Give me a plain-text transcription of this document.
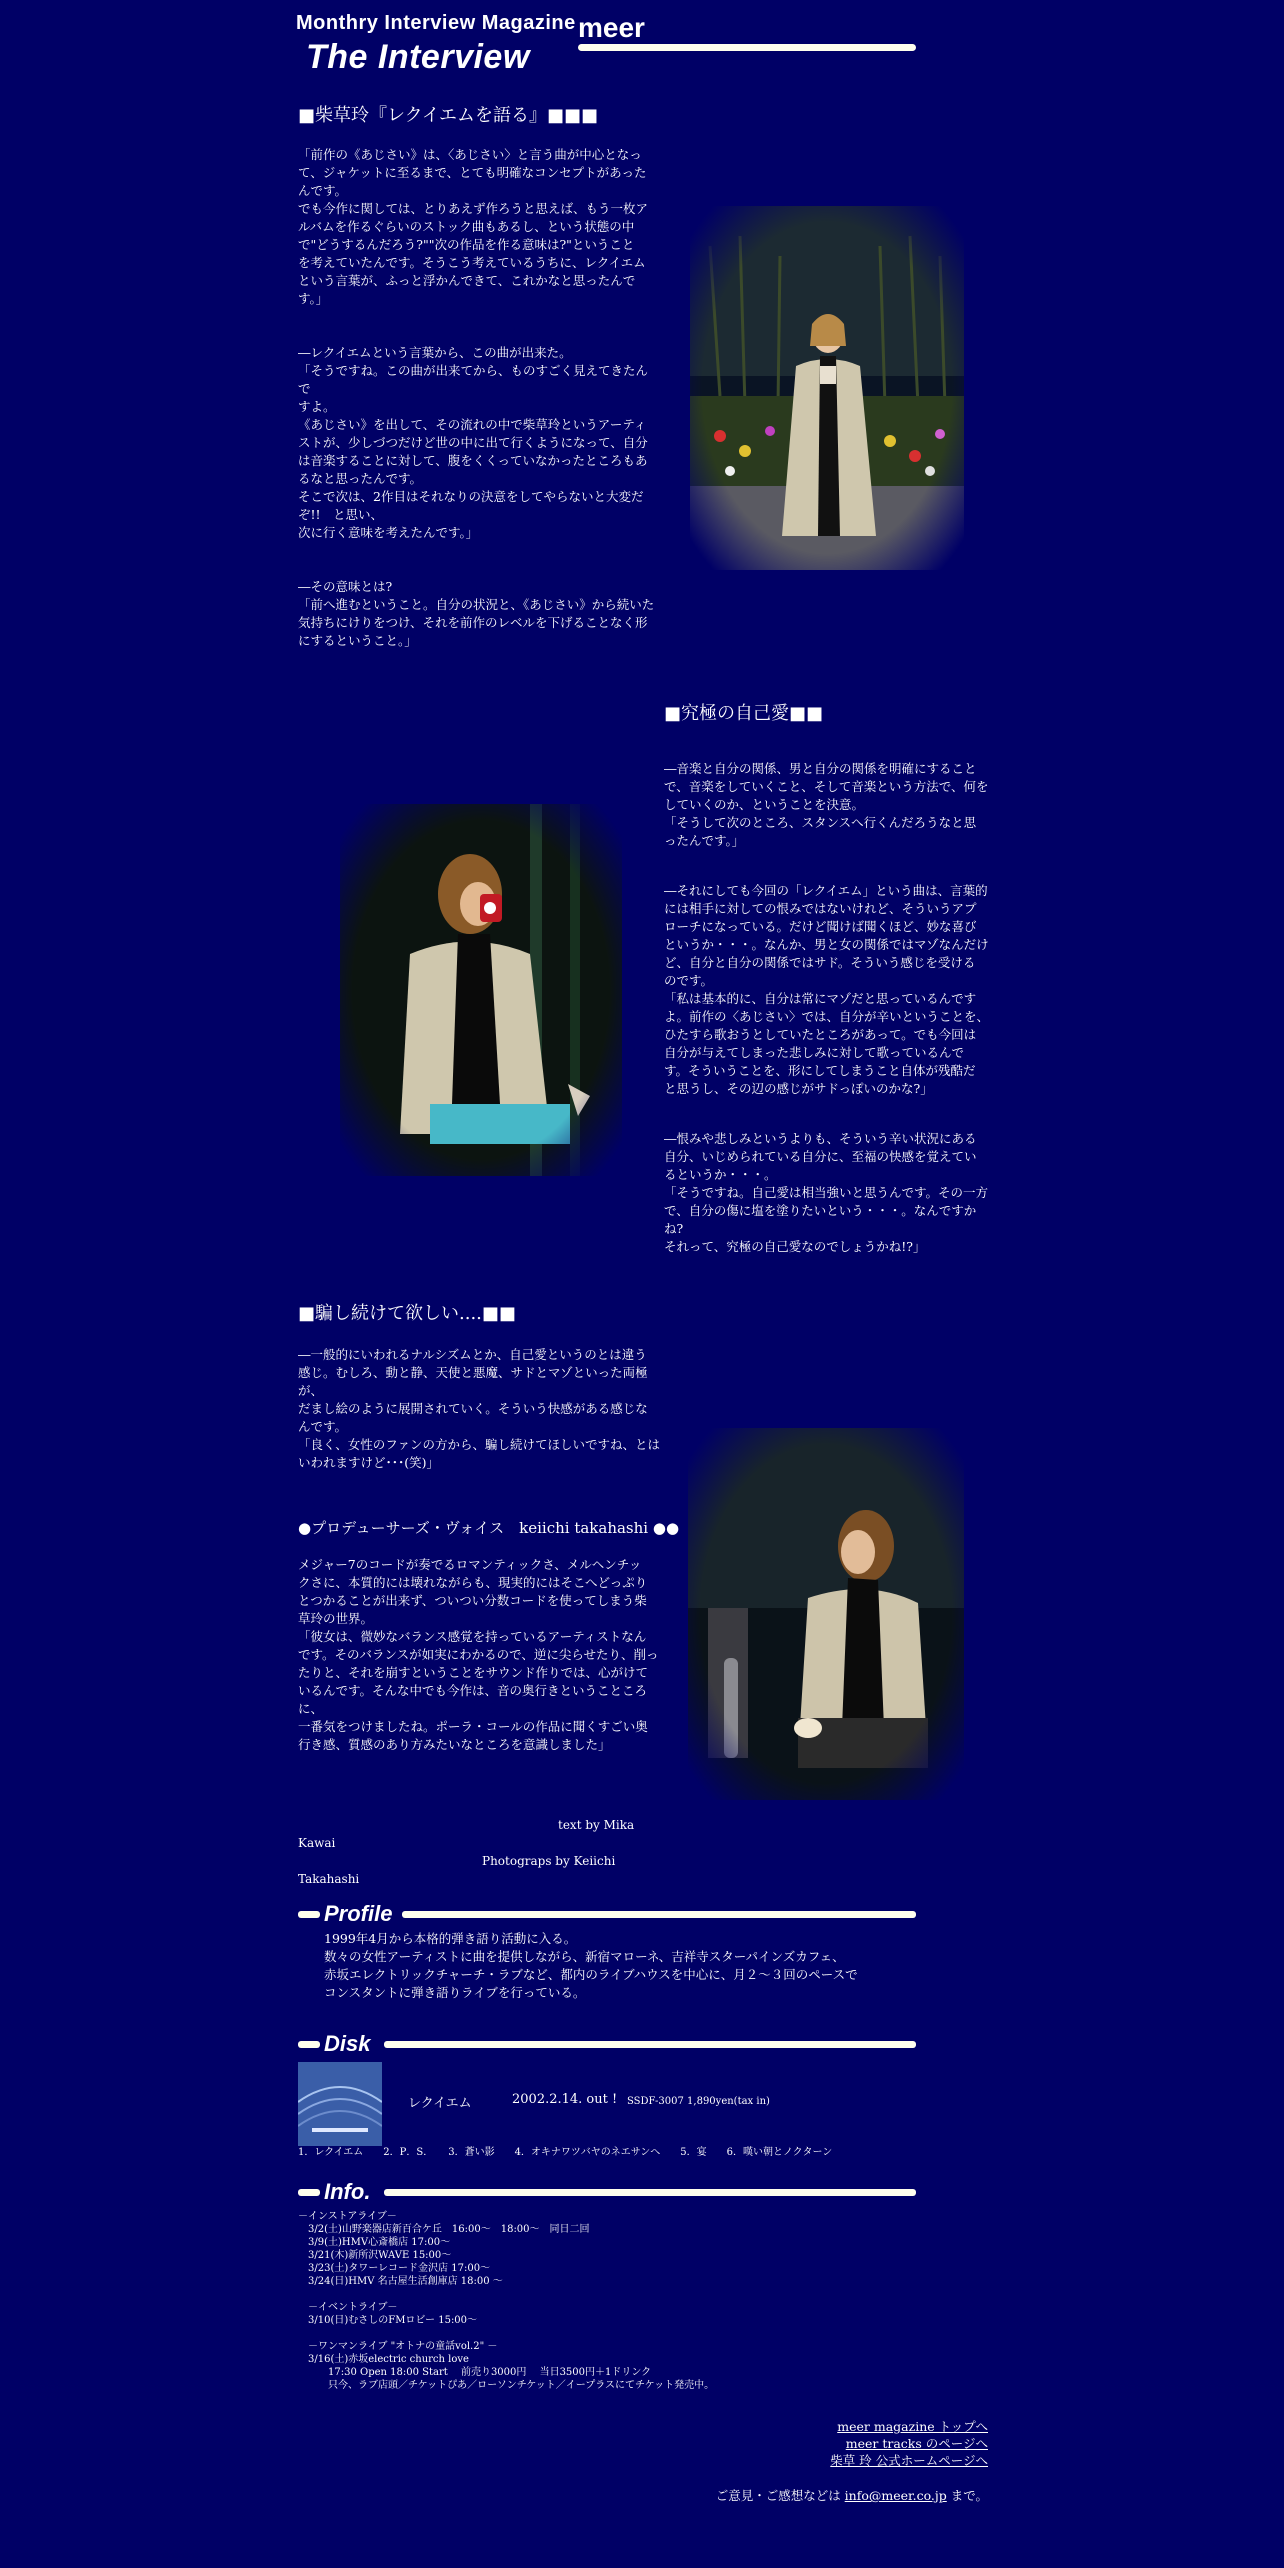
Monthry Interview Magazine
The Interview
meer
■柴草玲『レクイエムを語る』■■■

「前作の《あじさい》は、〈あじさい〉と言う曲が中心となっ
て、ジャケットに至るまで、とても明確なコンセプトがあった
んです。
でも今作に関しては、とりあえず作ろうと思えば、もう一枚ア
ルバムを作るぐらいのストック曲もあるし、という状態の中
で"どうするんだろう?""次の作品を作る意味は?"ということ
を考えていたんです。そうこう考えているうちに、レクイエム
という言葉が、ふっと浮かんできて、これかなと思ったんで
す。」

―レクイエムという言葉から、この曲が出来た。
「そうですね。この曲が出来てから、ものすごく見えてきたんで
すよ。
《あじさい》を出して、その流れの中で柴草玲というアーティ
ストが、少しづつだけど世の中に出て行くようになって、自分
は音楽することに対して、腹をくくっていなかったところもあ
るなと思ったんです。
そこで次は、2作目はそれなりの決意をしてやらないと大変だ
ぞ!!　と思い、
次に行く意味を考えたんです。」

―その意味とは?
「前へ進むということ。自分の状況と、《あじさい》から続いた
気持ちにけりをつけ、それを前作のレベルを下げることなく形
にするということ。」

■究極の自己愛■■

―音楽と自分の関係、男と自分の関係を明確にすること
で、音楽をしていくこと、そして音楽という方法で、何を
していくのか、ということを決意。
「そうして次のところ、スタンスへ行くんだろうなと思
ったんです。」

―それにしても今回の「レクイエム」という曲は、言葉的
には相手に対しての恨みではないけれど、そういうアプ
ローチになっている。だけど聞けば聞くほど、妙な喜び
というか・・・。なんか、男と女の関係ではマゾなんだけ
ど、自分と自分の関係ではサド。そういう感じを受ける
のです。
「私は基本的に、自分は常にマゾだと思っているんです
よ。前作の〈あじさい〉では、自分が辛いということを、
ひたすら歌おうとしていたところがあって。でも今回は
自分が与えてしまった悲しみに対して歌っているんで
す。そういうことを、形にしてしまうこと自体が残酷だ
と思うし、その辺の感じがサドっぽいのかな?」

―恨みや悲しみというよりも、そういう辛い状況にある
自分、いじめられている自分に、至福の快感を覚えてい
るというか・・・。
「そうですね。自己愛は相当強いと思うんです。その一方
で、自分の傷に塩を塗りたいという・・・。なんですかね?
それって、究極の自己愛なのでしょうかね!?」

■騙し続けて欲しい....■■

―一般的にいわれるナルシズムとか、自己愛というのとは違う
感じ。むしろ、動と静、天使と悪魔、サドとマゾといった両極が、
だまし絵のように展開されていく。そういう快感がある感じな
んです。
「良く、女性のファンの方から、騙し続けてほしいですね、とは
いわれますけど･･･(笑)」

●プロデューサーズ・ヴォイス　keiichi takahashi ●●

メジャー7のコードが奏でるロマンティックさ、メルヘンチッ
クさに、本質的には壊れながらも、現実的にはそこへどっぷり
とつかることが出来ず、ついつい分数コードを使ってしまう柴
草玲の世界。
「彼女は、微妙なバランス感覚を持っているアーティストなん
です。そのバランスが如実にわかるので、逆に尖らせたり、削っ
たりと、それを崩すということをサウンド作りでは、心がけて
いるんです。そんな中でも今作は、音の奥行きということころに、
一番気をつけましたね。ポーラ・コールの作品に聞くすごい奥
行き感、質感のあり方みたいなところを意識しました」

text by Mika
Kawai
Photograps by Keiichi
Takahashi
Profile
1999年4月から本格的弾き語り活動に入る。
数々の女性アーティストに曲を提供しながら、新宿マローネ、吉祥寺スターパインズカフェ、
赤坂エレクトリックチャーチ・ラブなど、都内のライブハウスを中心に、月２～３回のペースで
コンスタントに弾き語りライブを行っている。
Disk
レクイエム	2002.2.14. out ! SSDF-3007 1,890yen(tax in)
1．レクイエム　　2．P．S．　　3．蒼い影　　4．オキナワツバヤのネエサンへ　　5．宴　　6．嘆い朝とノクターン
Info.
－インストアライブ－
　3/2(土)山野楽器店新百合ケ丘　16:00～　18:00～　同日二回
　3/9(土)HMV心斎橋店 17:00～
　3/21(木)新所沢WAVE 15:00～
　3/23(土)タワーレコード金沢店 17:00～
　3/24(日)HMV 名古屋生活創庫店 18:00 ～
　－イベントライブ－
　3/10(日)むさしのFMロビー 15:00～
　－ワンマンライブ "オトナの童話vol.2" －
　3/16(土)赤坂electric church love
　　　17:30 Open 18:00 Start　 前売り3000円　 当日3500円＋1ドリンク
　　　只今、ラブ店頭／チケットぴあ／ローソンチケット／イープラスにてチケット発売中。
meer magazine トップへ
meer tracks のページへ
柴草 玲 公式ホームページへ
ご意見・ご感想などは info@meer.co.jp まで。
